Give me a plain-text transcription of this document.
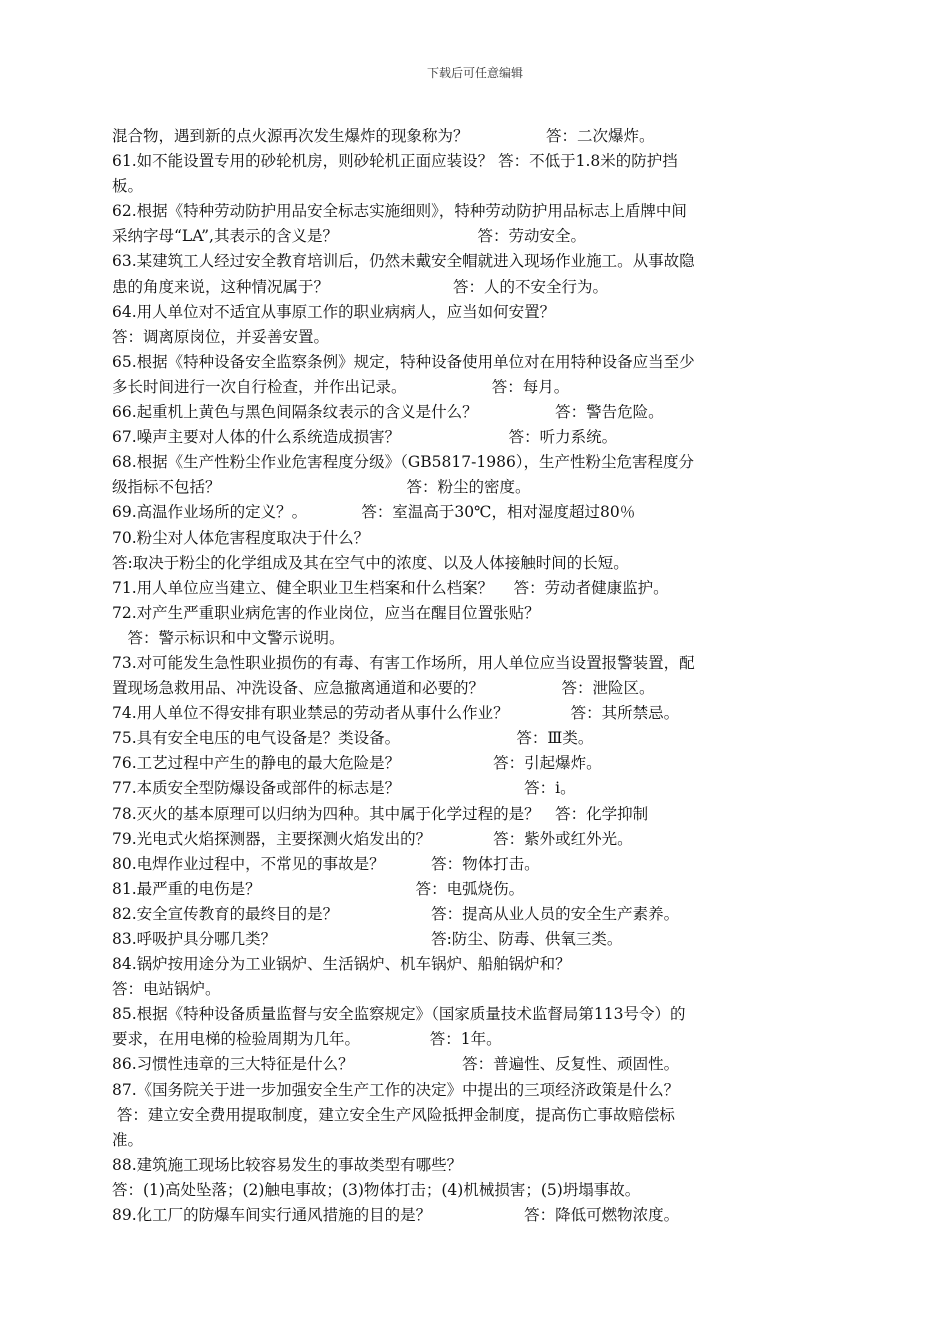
下载后可任意编辑
混合物，遇到新的点火源再次发生爆炸的现象称为？　　　　　答：二次爆炸。
61.如不能设置专用的砂轮机房，则砂轮机正面应装设？ 答：不低于1.8米的防护挡
板。
62.根据《特种劳动防护用品安全标志实施细则》，特种劳动防护用品标志上盾牌中间
采纳字母“LA”,其表示的含义是？　　　　　　　　　答：劳动安全。
63.某建筑工人经过安全教育培训后，仍然未戴安全帽就进入现场作业施工。从事故隐
患的角度来说，这种情况属于？　　　　　　　　答：人的不安全行为。
64.用人单位对不适宜从事原工作的职业病病人，应当如何安置？
答：调离原岗位，并妥善安置。
65.根据《特种设备安全监察条例》规定，特种设备使用单位对在用特种设备应当至少
多长时间进行一次自行检查，并作出记录。　　　　　　答：每月。
66.起重机上黄色与黑色间隔条纹表示的含义是什么？　　　　　答：警告危险。
67.噪声主要对人体的什么系统造成损害？　　　　　　　答：听力系统。
68.根据《生产性粉尘作业危害程度分级》（GB5817-1986），生产性粉尘危害程度分
级指标不包括？　　　　　　　　　　　　答：粉尘的密度。
69.高温作业场所的定义？。　　　　答：室温高于30℃，相对湿度超过80％
70.粉尘对人体危害程度取决于什么？
答:取决于粉尘的化学组成及其在空气中的浓度、以及人体接触时间的长短。
71.用人单位应当建立、健全职业卫生档案和什么档案？　 答：劳动者健康监护。
72.对产生严重职业病危害的作业岗位，应当在醒目位置张贴？
　答：警示标识和中文警示说明。
73.对可能发生急性职业损伤的有毒、有害工作场所，用人单位应当设置报警装置，配
置现场急救用品、冲洗设备、应急撤离通道和必要的？　　　　　答：泄险区。
74.用人单位不得安排有职业禁忌的劳动者从事什么作业？　　　　答：其所禁忌。
75.具有安全电压的电气设备是？类设备。　　　　　　　　答：Ⅲ类。
76.工艺过程中产生的静电的最大危险是？　　　　　　答：引起爆炸。
77.本质安全型防爆设备或部件的标志是？　　　　　　　　答：i。
78.灭火的基本原理可以归纳为四种。其中属于化学过程的是？　答：化学抑制
79.光电式火焰探测器，主要探测火焰发出的？　　　　答：紫外或红外光。
80.电焊作业过程中，不常见的事故是？　　　答：物体打击。
81.最严重的电伤是？　　　　　　　　　　答：电弧烧伤。
82.安全宣传教育的最终目的是？　　　　　　答：提高从业人员的安全生产素养。
83.呼吸护具分哪几类？　　　　　　　　　　答:防尘、防毒、供氧三类。
84.锅炉按用途分为工业锅炉、生活锅炉、机车锅炉、船舶锅炉和？
答：电站锅炉。
85.根据《特种设备质量监督与安全监察规定》（国家质量技术监督局第113号令）的
要求，在用电梯的检验周期为几年。　　　　　答：1年。
86.习惯性违章的三大特征是什么？　　　　　　　答：普遍性、反复性、顽固性。
87.《国务院关于进一步加强安全生产工作的决定》中提出的三项经济政策是什么？
答：建立安全费用提取制度，建立安全生产风险抵押金制度，提高伤亡事故赔偿标
准。
88.建筑施工现场比较容易发生的事故类型有哪些？
答：(1)高处坠落；(2)触电事故；(3)物体打击；(4)机械损害；(5)坍塌事故。
89.化工厂的防爆车间实行通风措施的目的是？　　　　　　答：降低可燃物浓度。
